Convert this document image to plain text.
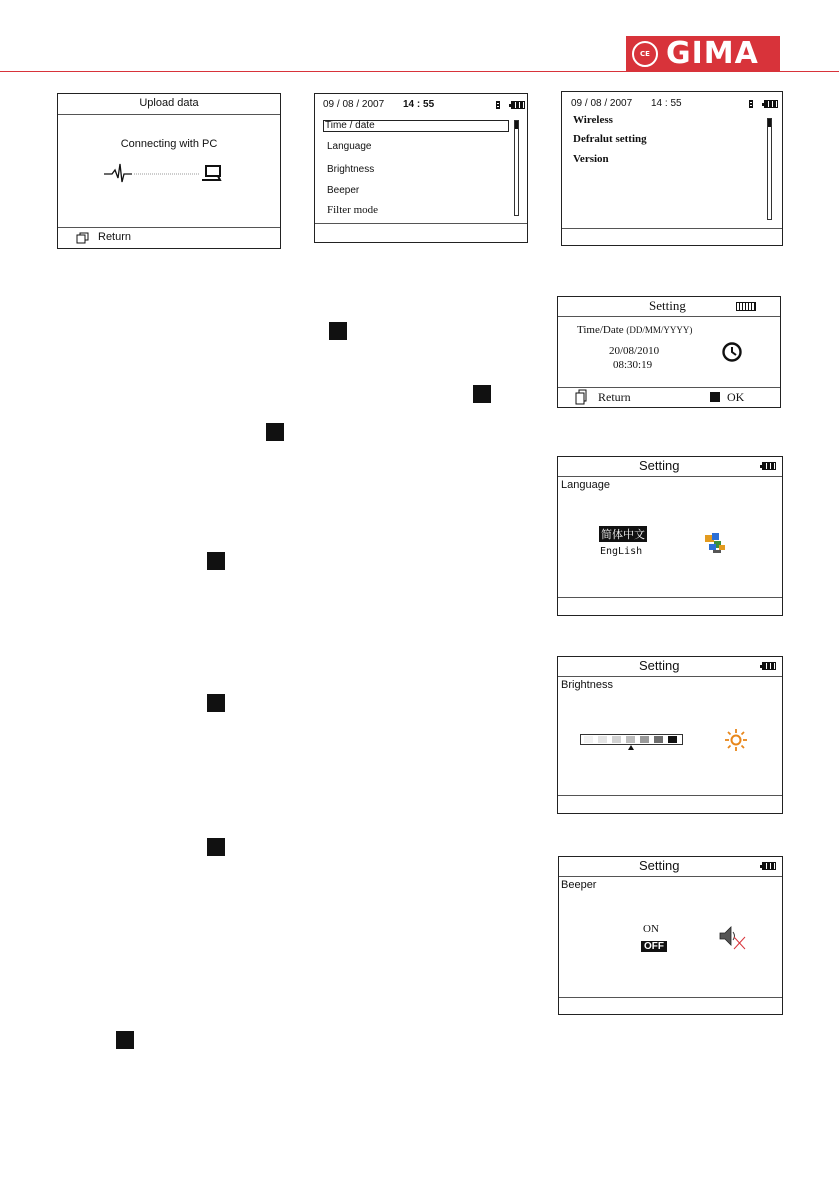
CE GIMA
Upload data
Connecting with PC
Return
09 / 08 / 2007 14 : 55
Time / date
Language
Brightness
Beeper
Filter mode
09 / 08 / 2007 14 : 55
Wireless
Defralut setting
Version
Setting
Time/Date (DD/MM/YYYY)
20/08/2010
08:30:19
Return	OK
Setting
Language
简体中文
EngLish
Setting
Brightness
Setting
Beeper
ON
OFF
